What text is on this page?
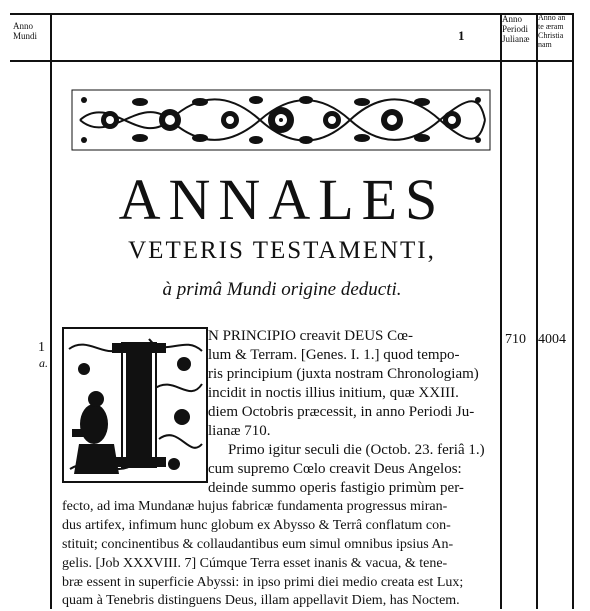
Anno
Mundi	1
Anno
Periodi
Julianæ
Anno an
te æram
Christia
nam
ANNALES
VETERIS TESTAMENTI,
à primâ Mundi origine deducti.
1
a.
710 4004
N PRINCIPIO creavit DEUS Cœ-
lum & Terram. [Genes. I. 1.] quod tempo-
ris principium (juxta nostram Chronologiam)
incidit in noctis illius initium, quæ XXIII.
diem Octobris præcessit, in anno Periodi Ju-
lianæ 710.
Primo igitur seculi die (Octob. 23. feriâ 1.)
cum supremo Cœlo creavit Deus Angelos:
deinde summo operis fastigio primùm per-
fecto, ad ima Mundanæ hujus fabricæ fundamenta progressus miran-
dus artifex, infimum hunc globum ex Abysso & Terrâ conflatum con-
stituit; concinentibus & collaudantibus eum simul omnibus ipsius An-
gelis. [Job XXXVIII. 7] Cúmque Terra esset inanis & vacua, & tene-
bræ essent in superficie Abyssi: in ipso primi diei medio creata est Lux;
quam à Tenebris distinguens Deus, illam appellavit Diem, has Noctem.
